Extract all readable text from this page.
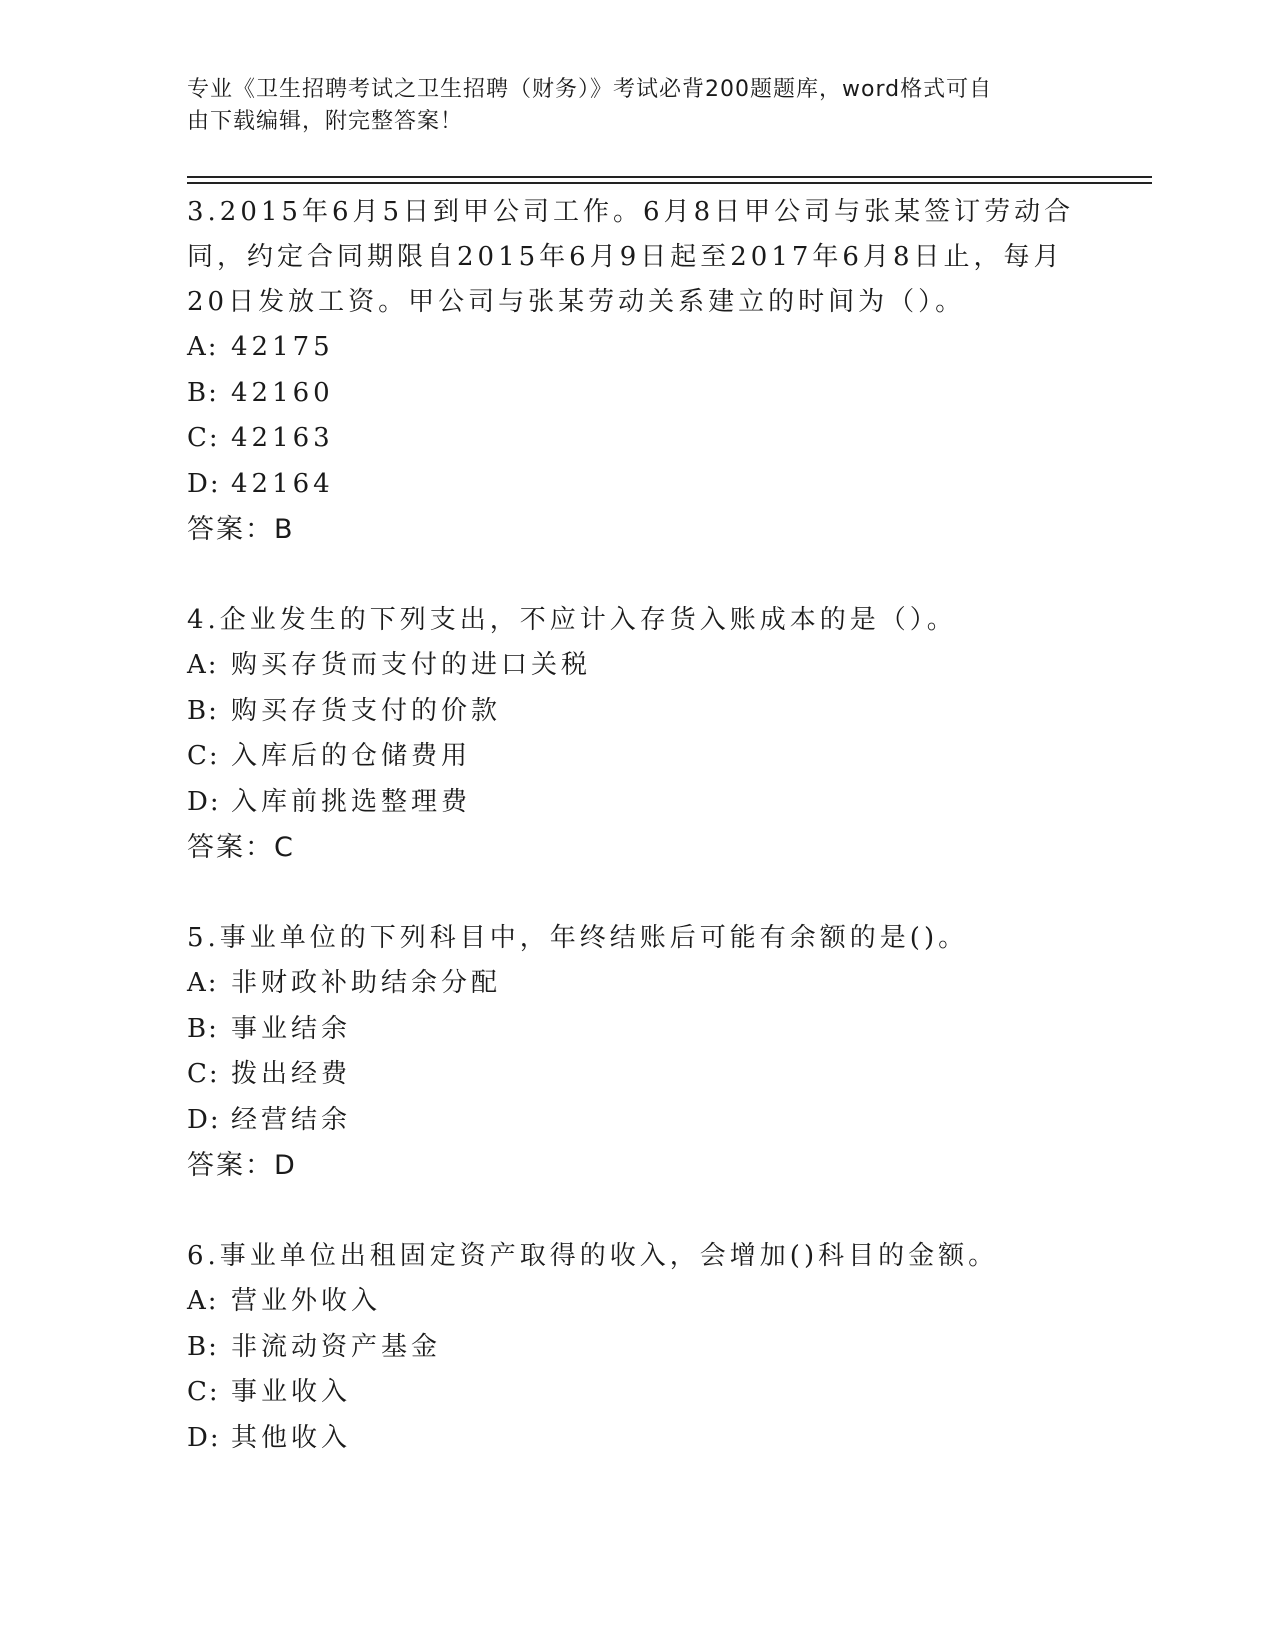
专业《卫生招聘考试之卫生招聘（财务）》考试必背200题题库，word格式可自
由下载编辑，附完整答案！

3.2015年6月5日到甲公司工作。6月8日甲公司与张某签订劳动合

同，约定合同期限自2015年6月9日起至2017年6月8日止，每月

20日发放工资。甲公司与张某劳动关系建立的时间为（）。

A: 42175

B: 42160

C: 42163

D: 42164

答案：B

4.企业发生的下列支出，不应计入存货入账成本的是（）。

A: 购买存货而支付的进口关税

B: 购买存货支付的价款

C: 入库后的仓储费用

D: 入库前挑选整理费

答案：C

5.事业单位的下列科目中，年终结账后可能有余额的是()。

A: 非财政补助结余分配

B: 事业结余

C: 拨出经费

D: 经营结余

答案：D

6.事业单位出租固定资产取得的收入，会增加()科目的金额。

A: 营业外收入

B: 非流动资产基金

C: 事业收入

D: 其他收入
